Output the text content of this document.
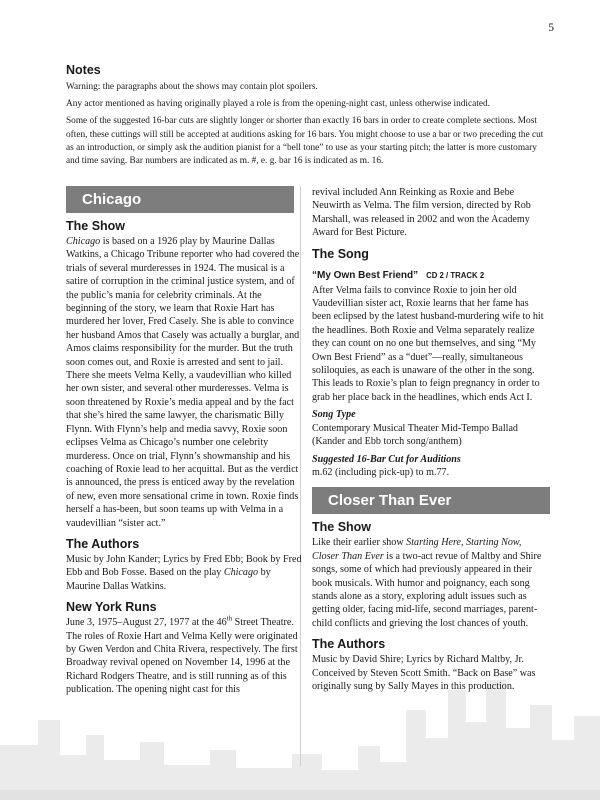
5
Notes

Warning: the paragraphs about the shows may contain plot spoilers.

Any actor mentioned as having originally played a role is from the opening-night cast, unless otherwise indicated.

Some of the suggested 16-bar cuts are slightly longer or shorter than exactly 16 bars in order to create complete sections. Most often, these cuttings will still be accepted at auditions asking for 16 bars. You might choose to use a bar or two preceding the cut as an introduction, or simply ask the audition pianist for a “bell tone” to use as your starting pitch; the latter is more customary and time saving. Bar numbers are indicated as m. #, e. g. bar 16 is indicated as m. 16.

Chicago
The Show

Chicago is based on a 1926 play by Maurine Dallas Watkins, a Chicago Tribune reporter who had covered the trials of several murderesses in 1924. The musical is a satire of corruption in the criminal justice system, and of the public’s mania for celebrity criminals. At the beginning of the story, we learn that Roxie Hart has murdered her lover, Fred Casely. She is able to convince her husband Amos that Casely was actually a burglar, and Amos claims responsibility for the murder. But the truth soon comes out, and Roxie is arrested and sent to jail. There she meets Velma Kelly, a vaudevillian who killed her own sister, and several other murderesses. Velma is soon threatened by Roxie’s media appeal and by the fact that she’s hired the same lawyer, the charismatic Billy Flynn. With Flynn’s help and media savvy, Roxie soon eclipses Velma as Chicago’s number one celebrity murderess. Once on trial, Flynn’s showmanship and his coaching of Roxie lead to her acquittal. But as the verdict is announced, the press is enticed away by the revelation of new, even more sensational crime in town. Roxie finds herself a has-been, but soon teams up with Velma in a vaudevillian “sister act.”

The Authors

Music by John Kander; Lyrics by Fred Ebb; Book by Fred Ebb and Bob Fosse. Based on the play Chicago by Maurine Dallas Watkins.

New York Runs

June 3, 1975–August 27, 1977 at the 46th Street Theatre. The roles of Roxie Hart and Velma Kelly were originated by Gwen Verdon and Chita Rivera, respectively. The first Broadway revival opened on November 14, 1996 at the Richard Rodgers Theatre, and is still running as of this publication. The opening night cast for this

revival included Ann Reinking as Roxie and Bebe Neuwirth as Velma. The film version, directed by Rob Marshall, was released in 2002 and won the Academy Award for Best Picture.

The Song
“My Own Best Friend” CD 2 / TRACK 2

After Velma fails to convince Roxie to join her old Vaudevillian sister act, Roxie learns that her fame has been eclipsed by the latest husband-murdering wife to hit the headlines. Both Roxie and Velma separately realize they can count on no one but themselves, and sing “My Own Best Friend” as a “duet”—really, simultaneous soliloquies, as each is unaware of the other in the song. This leads to Roxie’s plan to feign pregnancy in order to grab her place back in the headlines, which ends Act I.

Song Type

Contemporary Musical Theater Mid-Tempo Ballad (Kander and Ebb torch song/anthem)

Suggested 16-Bar Cut for Auditions

m.62 (including pick-up) to m.77.

Closer Than Ever
The Show

Like their earlier show Starting Here, Starting Now, Closer Than Ever is a two-act revue of Maltby and Shire songs, some of which had previously appeared in their book musicals. With humor and poignancy, each song stands alone as a story, exploring adult issues such as getting older, facing mid-life, second marriages, parent-child conflicts and grieving the lost chances of youth.

The Authors

Music by David Shire; Lyrics by Richard Maltby, Jr. Conceived by Steven Scott Smith. “Back on Base” was originally sung by Sally Mayes in this production.
